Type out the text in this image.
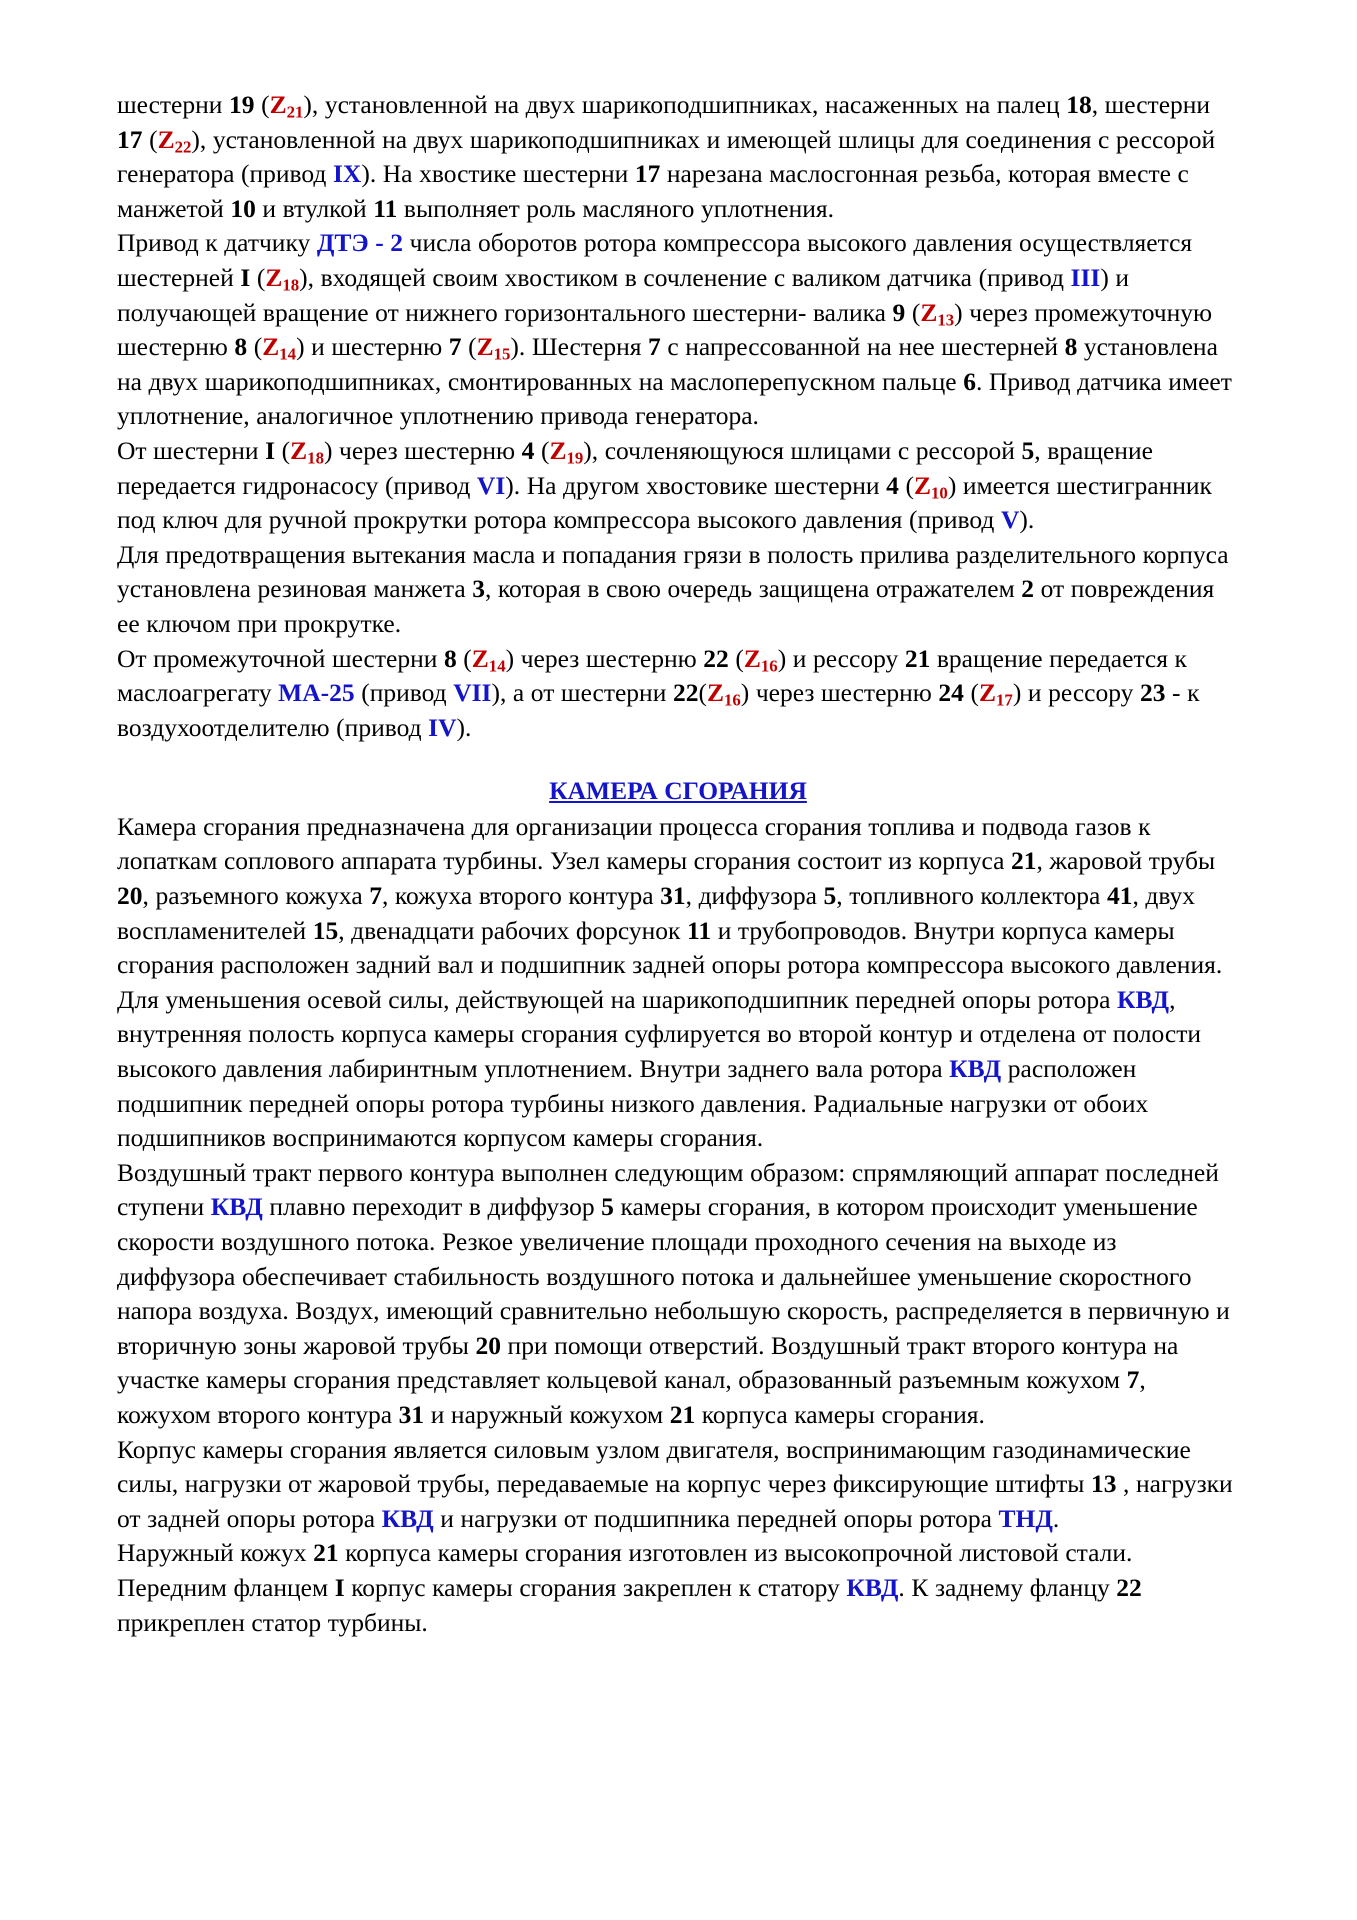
шестерни 19 $(Z_{21})$, установленной на двух шарикоподшипниках, насаженных на палец 18, шестерни 17 $(Z_{22})$, установленной на двух шарикоподшипниках и имеющей шлицы для соединения с рессорой генератора (привод IX). На хвостике шестерни 17 нарезана маслосгонная резьба, которая вместе с манжетой 10 и втулкой 11 выполняет роль масляного уплотнения.

Привод к датчику ДТЭ - 2 числа оборотов ротора компрессора высокого давления осуществляется шестерней I $(Z_{18})$, входящей своим хвостиком в сочленение с валиком датчика (привод III) и получающей вращение от нижнего горизонтального шестерни- валика 9 $(Z_{13})$ через промежуточную шестерню 8 $(Z_{14})$ и шестерню 7 $(Z_{15})$. Шестерня 7 с напрессованной на нее шестерней 8 установлена на двух шарикоподшипниках, смонтированных на маслоперепускном пальце 6. Привод датчика имеет уплотнение, аналогичное уплотнению привода генератора.

От шестерни I $(Z_{18})$ через шестерню 4 $(Z_{19})$, сочленяющуюся шлицами с рессорой 5, вращение передается гидронасосу (привод VI). На другом хвостовике шестерни 4 $(Z_{10})$ имеется шестигранник под ключ для ручной прокрутки ротора компрессора высокого давления (привод V).

Для предотвращения вытекания масла и попадания грязи в полость прилива разделительного корпуса установлена резиновая манжета 3, которая в свою очередь защищена отражателем 2 от повреждения ее ключом при прокрутке.

От промежуточной шестерни 8 $(Z_{14})$ через шестерню 22 $(Z_{16})$ и рессору 21 вращение передается к маслоагрегату МА-25 (привод VII), а от шестерни $22(Z_{16})$ через шестерню 24 $(Z_{17})$ и рессору 23 - к воздухоотделителю (привод IV).

КАМЕРА СГОРАНИЯ

Камера сгорания предназначена для организации процесса сгорания топлива и подвода газов к лопаткам соплового аппарата турбины. Узел камеры сгорания состоит из корпуса 21, жаровой трубы 20, разъемного кожуха 7, кожуха второго контура 31, диффузора 5, топливного коллектора 41, двух воспламенителей 15, двенадцати рабочих форсунок 11 и трубопроводов. Внутри корпуса камеры сгорания расположен задний вал и подшипник задней опоры ротора компрессора высокого давления. Для уменьшения осевой силы, действующей на шарикоподшипник передней опоры ротора КВД, внутренняя полость корпуса камеры сгорания суфлируется во второй контур и отделена от полости высокого давления лабиринтным уплотнением. Внутри заднего вала ротора КВД расположен подшипник передней опоры ротора турбины низкого давления. Радиальные нагрузки от обоих подшипников воспринимаются корпусом камеры сгорания.

Воздушный тракт первого контура выполнен следующим образом: спрямляющий аппарат последней ступени КВД плавно переходит в диффузор 5 камеры сгорания, в котором происходит уменьшение скорости воздушного потока. Резкое увеличение площади проходного сечения на выходе из диффузора обеспечивает стабильность воздушного потока и дальнейшее уменьшение скоростного напора воздуха. Воздух, имеющий сравнительно небольшую скорость, распределяется в первичную и вторичную зоны жаровой трубы 20 при помощи отверстий. Воздушный тракт второго контура на участке камеры сгорания представляет кольцевой канал, образованный разъемным кожухом 7, кожухом второго контура 31 и наружный кожухом 21 корпуса камеры сгорания.

Корпус камеры сгорания является силовым узлом двигателя, воспринимающим газодинамические силы, нагрузки от жаровой трубы, передаваемые на корпус через фиксирующие штифты 13 , нагрузки от задней опоры ротора КВД и нагрузки от подшипника передней опоры ротора ТНД.

Наружный кожух 21 корпуса камеры сгорания изготовлен из высокопрочной листовой стали. Передним фланцем I корпус камеры сгорания закреплен к статору КВД. К заднему фланцу 22 прикреплен статор турбины.
